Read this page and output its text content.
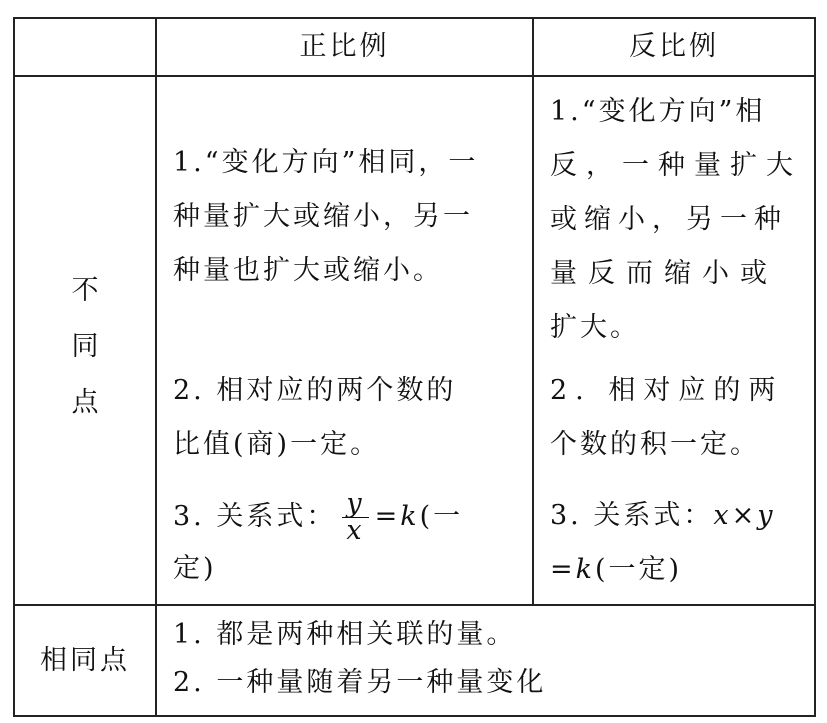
正比例	反比例
不
同
点
1.“变化方向”相同，一
种量扩大或缩小，另一
种量也扩大或缩小。
2. 相对应的两个数的
比值(商)一定。
3. 关系式： $\frac{y}{x} = k$ (一
定)
1.“变化方向”相
反，一种量扩大
或缩小，另一种
量反而缩小或
扩大。
2. 相对应的两
个数的积一定。
3. 关系式：x×y
=k(一定)
相同点
1. 都是两种相关联的量。
2. 一种量随着另一种量变化
